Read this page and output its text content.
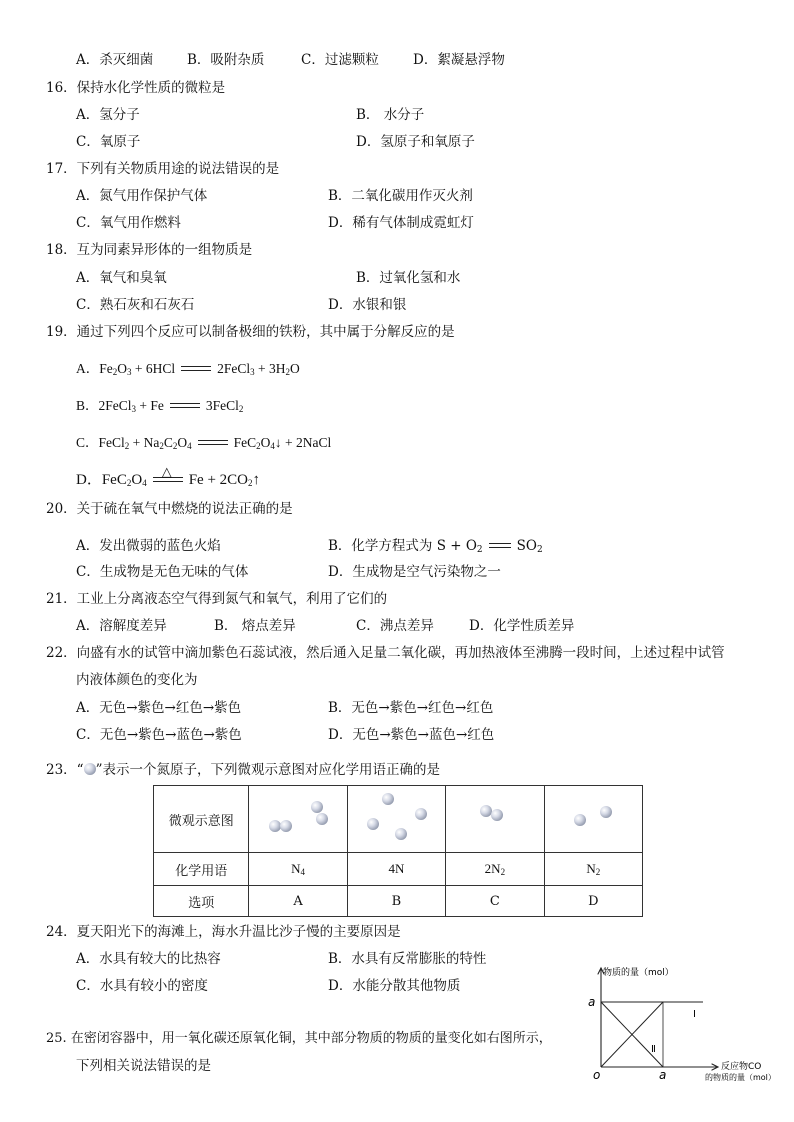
A．杀灭细菌	B．吸附杂质	C．过滤颗粒	D．絮凝悬浮物
16．保持水化学性质的微粒是
A．氢分子	B． 水分子
C．氧原子	D．氢原子和氧原子
17．下列有关物质用途的说法错误的是
A．氮气用作保护气体	B．二氧化碳用作灭火剂
C．氧气用作燃料	D．稀有气体制成霓虹灯
18．互为同素异形体的一组物质是
A．氧气和臭氧	B．过氧化氢和水
C．熟石灰和石灰石	D．水银和银
19．通过下列四个反应可以制备极细的铁粉，其中属于分解反应的是
A．$Fe_2O_3 + 6HCl$	2FeCl$_3$ + $3H_2O$
B．2FeCl$_3$ + Fe	3FeCl$_2$
C．FeCl$_2$ + $Na_2C_2O_4$	$FeC_2O_4↓$ + 2NaCl
D．$FeC_2O_4$
△
$Fe + 2CO_2↑$
20．关于硫在氧气中燃烧的说法正确的是
A．发出微弱的蓝色火焰	B．化学方程式为 $S + O_2$	$SO_2$
C．生成物是无色无味的气体	D．生成物是空气污染物之一
21．工业上分离液态空气得到氮气和氧气，利用了它们的
A．溶解度差异	B． 熔点差异	C．沸点差异	D．化学性质差异
22．向盛有水的试管中滴加紫色石蕊试液，然后通入足量二氧化碳，再加热液体至沸腾一段时间，上述过程中试管
内液体颜色的变化为
A．无色→紫色→红色→紫色	B．无色→紫色→红色→红色
C．无色→紫色→蓝色→紫色	D．无色→紫色→蓝色→红色
23．“ ”表示一个氮原子，下列微观示意图对应化学用语正确的是
微观示意图	

化学用语	$N_4$	4N	$2N_2$	$N_2$
选项	A	B	C	D
24．夏天阳光下的海滩上，海水升温比沙子慢的主要原因是
A．水具有较大的比热容	B．水具有反常膨胀的特性
C．水具有较小的密度	D．水能分散其他物质
25. 在密闭容器中，用一氧化碳还原氧化铜，其中部分物质的物质的量变化如右图所示，
下列相关说法错误的是
物质的量（mol）
反应物CO
的物质的量（mol）
a
a
o
Ⅰ
Ⅱ
